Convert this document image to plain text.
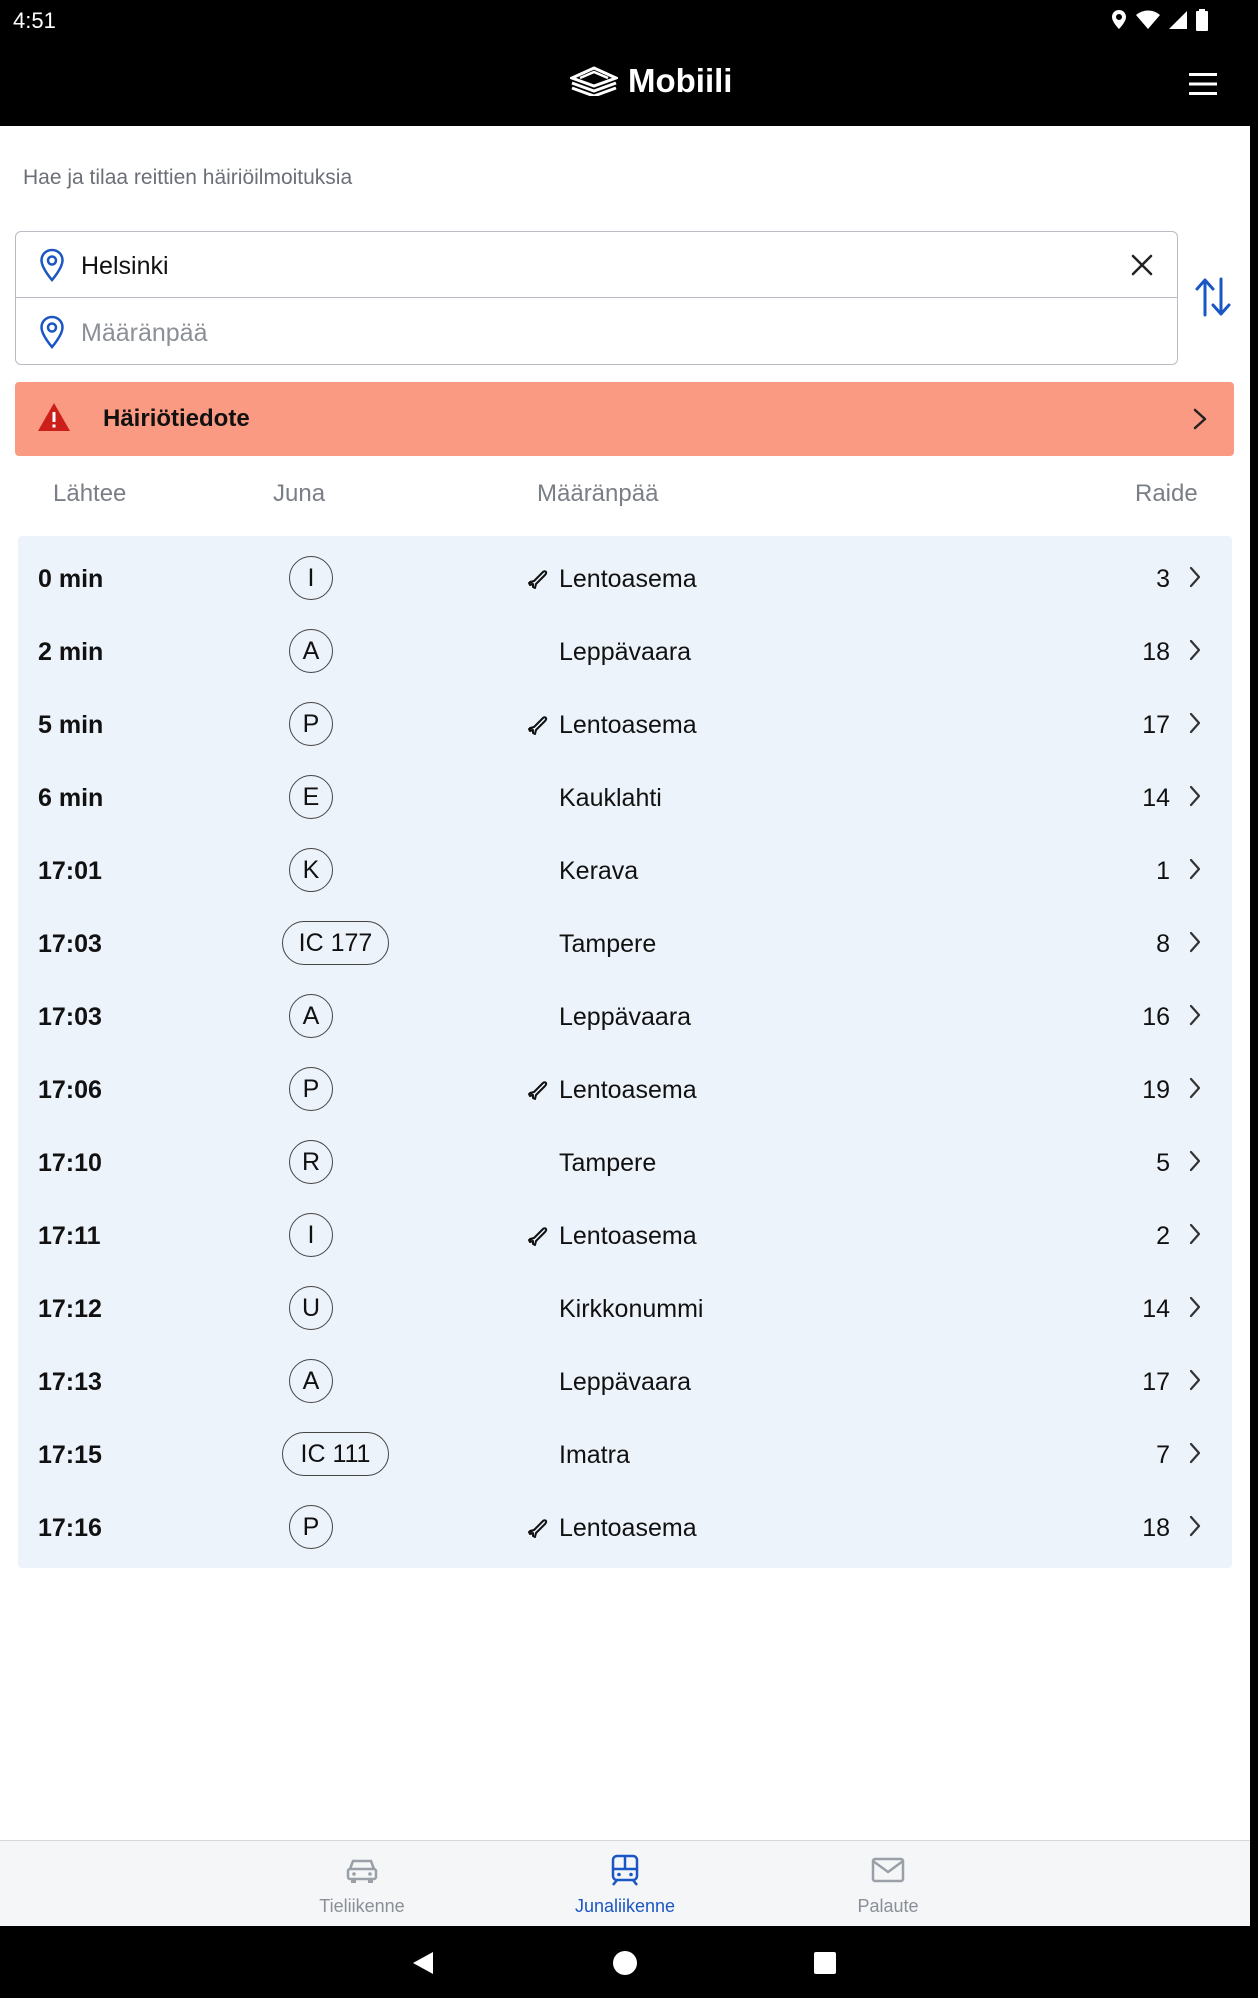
4:51
Mobiili
Hae ja tilaa reittien häiriöilmoituksia
Helsinki
Määränpää
Häiriötiedote
Lähtee	Juna	Määränpää	Raide
0 min	I	Lentoasema	3
2 min	A	Leppävaara	18
5 min	P	Lentoasema	17
6 min	E	Kauklahti	14
17:01	K	Kerava	1
17:03	IC 177	Tampere	8
17:03	A	Leppävaara	16
17:06	P	Lentoasema	19
17:10	R	Tampere	5
17:11	I	Lentoasema	2
17:12	U	Kirkkonummi	14
17:13	A	Leppävaara	17
17:15	IC 111	Imatra	7
17:16	P	Lentoasema	18
Tieliikenne	Junaliikenne	Palaute
